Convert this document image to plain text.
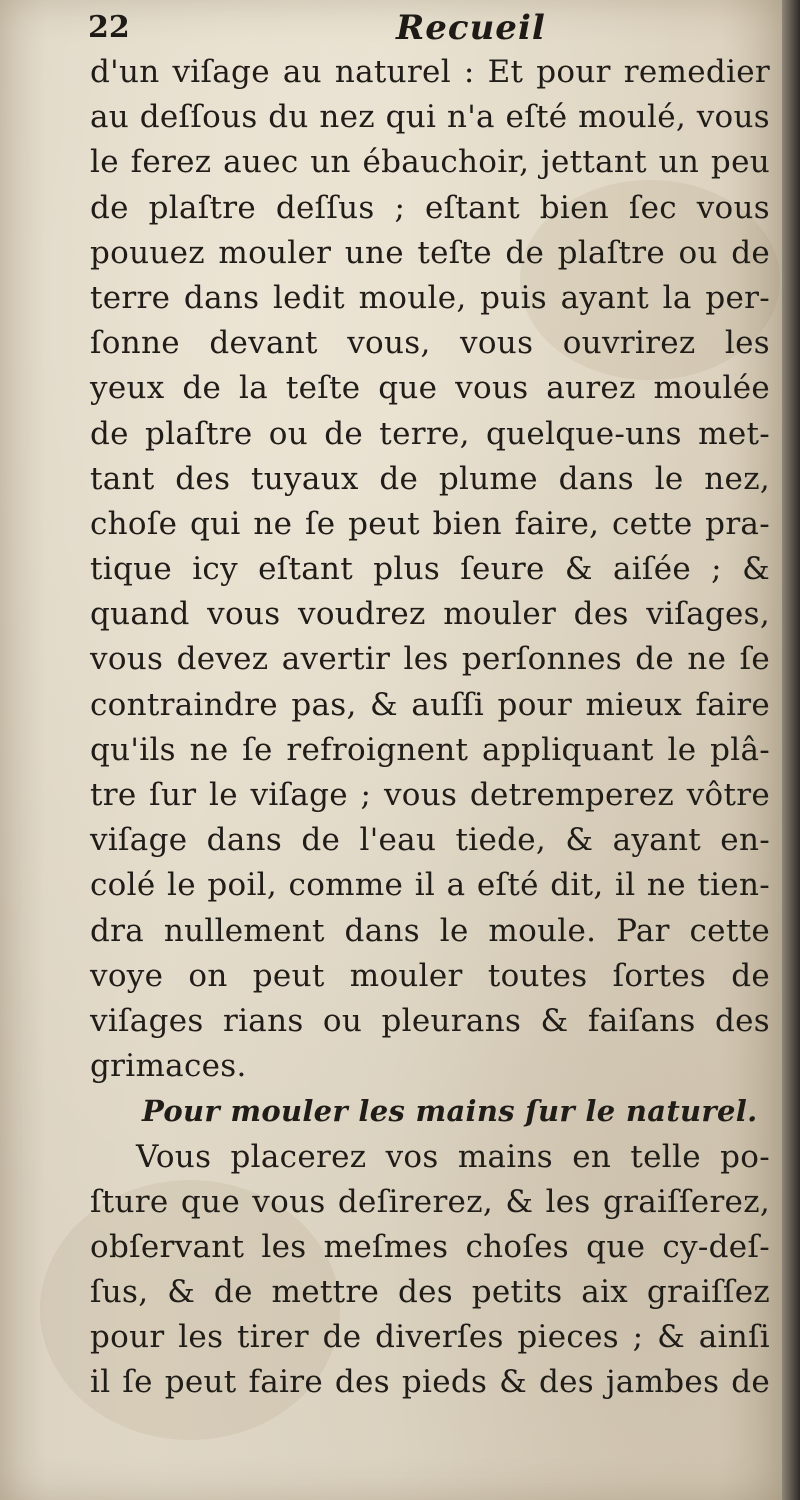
22	Recueil
d'un viſage au naturel : Et pour remedier
au deſſous du nez qui n'a eſté moulé, vous
le ferez auec un ébauchoir, jettant un peu
de plaſtre deſſus ; eſtant bien ſec vous
pouuez mouler une teſte de plaſtre ou de
terre dans ledit moule, puis ayant la per-
ſonne devant vous, vous ouvrirez les
yeux de la teſte que vous aurez moulée
de plaſtre ou de terre, quelque-uns met-
tant des tuyaux de plume dans le nez,
choſe qui ne ſe peut bien faire, cette pra-
tique icy eſtant plus ſeure & aiſée ; &
quand vous voudrez mouler des viſages,
vous devez avertir les perſonnes de ne ſe
contraindre pas, & auſſi pour mieux faire
qu'ils ne ſe refroignent appliquant le plâ-
tre ſur le viſage ; vous detremperez vôtre
viſage dans de l'eau tiede, & ayant en-
colé le poil, comme il a eſté dit, il ne tien-
dra nullement dans le moule. Par cette
voye on peut mouler toutes ſortes de
viſages rians ou pleurans & faiſans des
grimaces.
Pour mouler les mains ſur le naturel.
Vous placerez vos mains en telle po-
ſture que vous deſirerez, & les graiſſerez,
obſervant les meſmes choſes que cy-deſ-
ſus, & de mettre des petits aix graiſſez
pour les tirer de diverſes pieces ; & ainſi
il ſe peut faire des pieds & des jambes de
